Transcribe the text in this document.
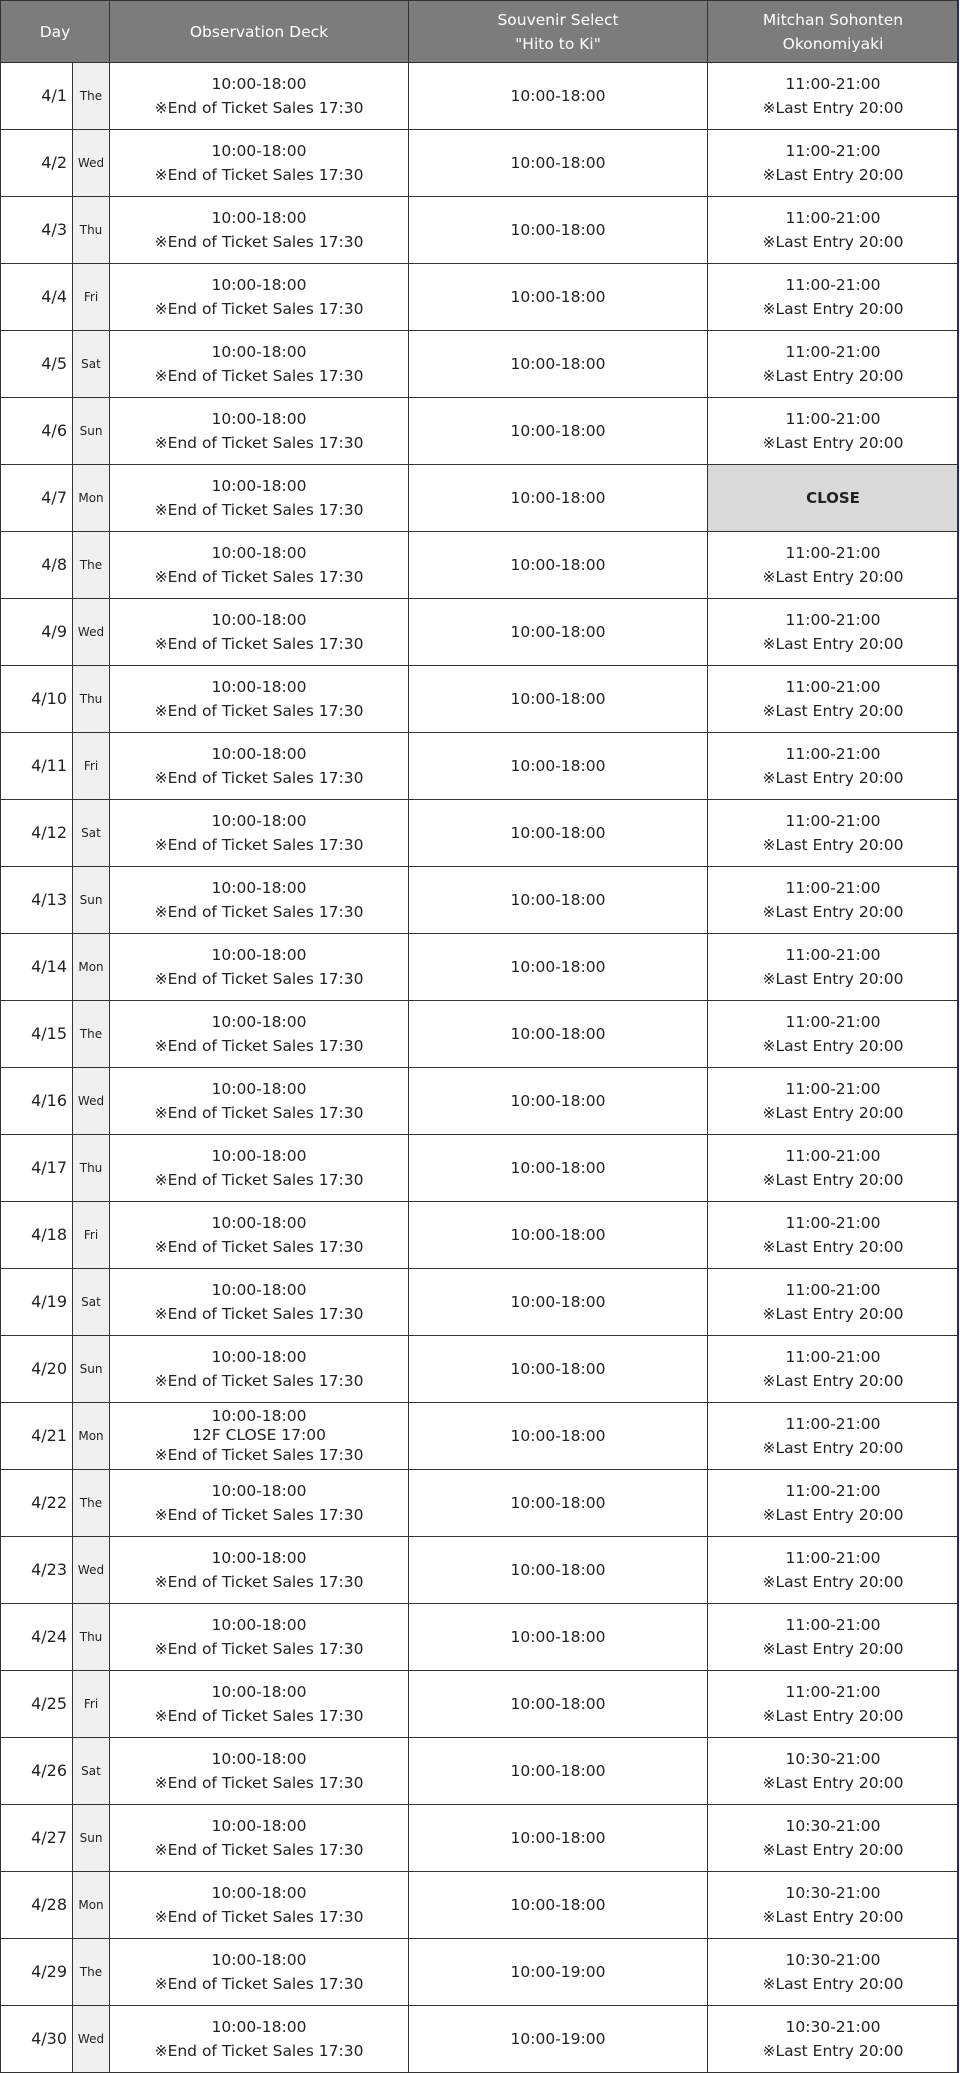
Day		Observation Deck	Souvenir Select
"Hito to Ki"	Mitchan Sohonten
Okonomiyaki

4/1	The	10:00-18:00
※End of Ticket Sales 17:30	10:00-18:00	11:00-21:00
※Last Entry 20:00

4/2	Wed	10:00-18:00
※End of Ticket Sales 17:30	10:00-18:00	11:00-21:00
※Last Entry 20:00

4/3	Thu	10:00-18:00
※End of Ticket Sales 17:30	10:00-18:00	11:00-21:00
※Last Entry 20:00

4/4	Fri	10:00-18:00
※End of Ticket Sales 17:30	10:00-18:00	11:00-21:00
※Last Entry 20:00

4/5	Sat	10:00-18:00
※End of Ticket Sales 17:30	10:00-18:00	11:00-21:00
※Last Entry 20:00

4/6	Sun	10:00-18:00
※End of Ticket Sales 17:30	10:00-18:00	11:00-21:00
※Last Entry 20:00

4/7	Mon	10:00-18:00
※End of Ticket Sales 17:30	10:00-18:00	CLOSE

4/8	The	10:00-18:00
※End of Ticket Sales 17:30	10:00-18:00	11:00-21:00
※Last Entry 20:00

4/9	Wed	10:00-18:00
※End of Ticket Sales 17:30	10:00-18:00	11:00-21:00
※Last Entry 20:00

4/10	Thu	10:00-18:00
※End of Ticket Sales 17:30	10:00-18:00	11:00-21:00
※Last Entry 20:00

4/11	Fri	10:00-18:00
※End of Ticket Sales 17:30	10:00-18:00	11:00-21:00
※Last Entry 20:00

4/12	Sat	10:00-18:00
※End of Ticket Sales 17:30	10:00-18:00	11:00-21:00
※Last Entry 20:00

4/13	Sun	10:00-18:00
※End of Ticket Sales 17:30	10:00-18:00	11:00-21:00
※Last Entry 20:00

4/14	Mon	10:00-18:00
※End of Ticket Sales 17:30	10:00-18:00	11:00-21:00
※Last Entry 20:00

4/15	The	10:00-18:00
※End of Ticket Sales 17:30	10:00-18:00	11:00-21:00
※Last Entry 20:00

4/16	Wed	10:00-18:00
※End of Ticket Sales 17:30	10:00-18:00	11:00-21:00
※Last Entry 20:00

4/17	Thu	10:00-18:00
※End of Ticket Sales 17:30	10:00-18:00	11:00-21:00
※Last Entry 20:00

4/18	Fri	10:00-18:00
※End of Ticket Sales 17:30	10:00-18:00	11:00-21:00
※Last Entry 20:00

4/19	Sat	10:00-18:00
※End of Ticket Sales 17:30	10:00-18:00	11:00-21:00
※Last Entry 20:00

4/20	Sun	10:00-18:00
※End of Ticket Sales 17:30	10:00-18:00	11:00-21:00
※Last Entry 20:00

4/21	Mon	10:00-18:00
12F CLOSE 17:00
※End of Ticket Sales 17:30	10:00-18:00	11:00-21:00
※Last Entry 20:00

4/22	The	10:00-18:00
※End of Ticket Sales 17:30	10:00-18:00	11:00-21:00
※Last Entry 20:00

4/23	Wed	10:00-18:00
※End of Ticket Sales 17:30	10:00-18:00	11:00-21:00
※Last Entry 20:00

4/24	Thu	10:00-18:00
※End of Ticket Sales 17:30	10:00-18:00	11:00-21:00
※Last Entry 20:00

4/25	Fri	10:00-18:00
※End of Ticket Sales 17:30	10:00-18:00	11:00-21:00
※Last Entry 20:00

4/26	Sat	10:00-18:00
※End of Ticket Sales 17:30	10:00-18:00	10:30-21:00
※Last Entry 20:00

4/27	Sun	10:00-18:00
※End of Ticket Sales 17:30	10:00-18:00	10:30-21:00
※Last Entry 20:00

4/28	Mon	10:00-18:00
※End of Ticket Sales 17:30	10:00-18:00	10:30-21:00
※Last Entry 20:00

4/29	The	10:00-18:00
※End of Ticket Sales 17:30	10:00-19:00	10:30-21:00
※Last Entry 20:00

4/30	Wed	10:00-18:00
※End of Ticket Sales 17:30	10:00-19:00	10:30-21:00
※Last Entry 20:00
